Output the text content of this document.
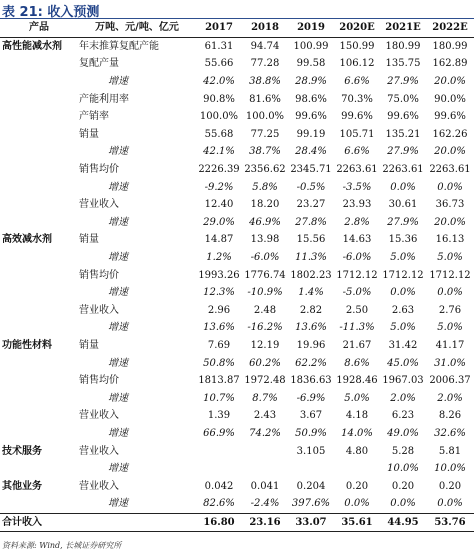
表 21: 收入预测
产品	万吨、元/吨、亿元	2017	2018	2019	2020E	2021E	2022E
高性能减水剂	年末推算复配产能	61.31	94.74	100.99	150.99	180.99	180.99
	复配产量	55.66	77.28	99.58	106.12	135.75	162.89
	增速	42.0%	38.8%	28.9%	6.6%	27.9%	20.0%
	产能利用率	90.8%	81.6%	98.6%	70.3%	75.0%	90.0%
	产销率	100.0%	100.0%	99.6%	99.6%	99.6%	99.6%
	销量	55.68	77.25	99.19	105.71	135.21	162.26
	增速	42.1%	38.7%	28.4%	6.6%	27.9%	20.0%
	销售均价	2226.39	2356.62	2345.71	2263.61	2263.61	2263.61
	增速	-9.2%	5.8%	-0.5%	-3.5%	0.0%	0.0%
	营业收入	12.40	18.20	23.27	23.93	30.61	36.73
	增速	29.0%	46.9%	27.8%	2.8%	27.9%	20.0%
高效减水剂	销量	14.87	13.98	15.56	14.63	15.36	16.13
	增速	1.2%	-6.0%	11.3%	-6.0%	5.0%	5.0%
	销售均价	1993.26	1776.74	1802.23	1712.12	1712.12	1712.12
	增速	12.3%	-10.9%	1.4%	-5.0%	0.0%	0.0%
	营业收入	2.96	2.48	2.82	2.50	2.63	2.76
	增速	13.6%	-16.2%	13.6%	-11.3%	5.0%	5.0%
功能性材料	销量	7.69	12.19	19.96	21.67	31.42	41.17
	增速	50.8%	60.2%	62.2%	8.6%	45.0%	31.0%
	销售均价	1813.87	1972.48	1836.63	1928.46	1967.03	2006.37
	增速	10.7%	8.7%	-6.9%	5.0%	2.0%	2.0%
	营业收入	1.39	2.43	3.67	4.18	6.23	8.26
	增速	66.9%	74.2%	50.9%	14.0%	49.0%	32.6%
技术服务	营业收入			3.105	4.80	5.28	5.81
	增速					10.0%	10.0%
其他业务	营业收入	0.042	0.041	0.204	0.20	0.20	0.20
	增速	82.6%	-2.4%	397.6%	0.0%	0.0%	0.0%
合计收入		16.80	23.16	33.07	35.61	44.95	53.76
资料来源: Wind, 长城证券研究所
